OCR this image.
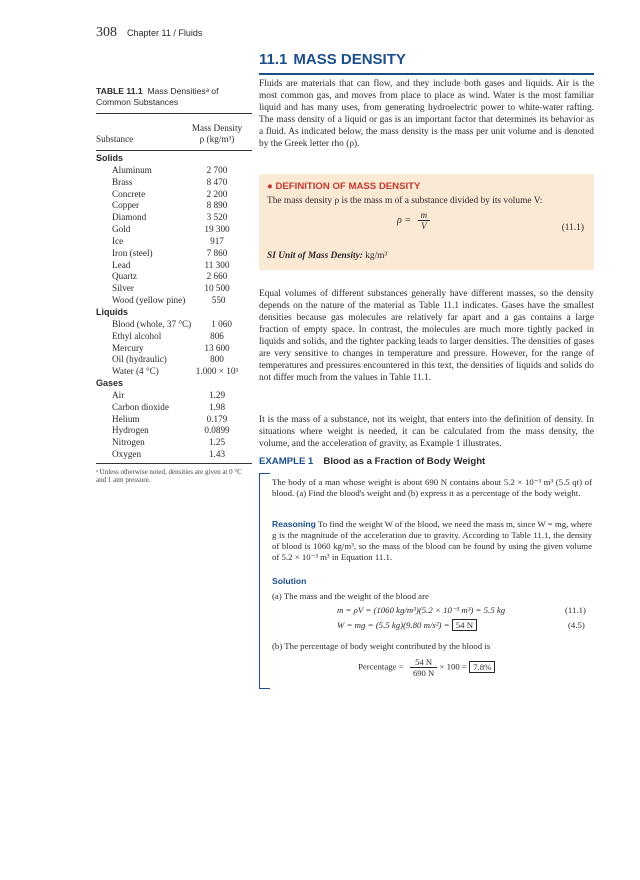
308 Chapter 11 / Fluids
11.1 MASS DENSITY
TABLE 11.1 Mass Densitiesᵃ of Common Substances
Substance
Mass Density
ρ (kg/m³)
Solids
Aluminum	2 700
Brass	8 470
Concrete	2 200
Copper	8 890
Diamond	3 520
Gold	19 300
Ice	917
Iron (steel)	7 860
Lead	11 300
Quartz	2 660
Silver	10 500
Wood (yellow pine)	550
Liquids
Blood (whole, 37 °C)	1 060
Ethyl alcohol	806
Mercury	13 600
Oil (hydraulic)	800
Water (4 °C)	1.000 × 10³
Gases
Air	1.29
Carbon dioxide	1.98
Helium	0.179
Hydrogen	0.0899
Nitrogen	1.25
Oxygen	1.43
ᵃ Unless otherwise noted, densities are given at 0 °C and 1 atm pressure.
Fluids are materials that can flow, and they include both gases and liquids. Air is the most common gas, and moves from place to place as wind. Water is the most familiar liquid and has many uses, from generating hydroelectric power to white-water rafting. The mass density of a liquid or gas is an important factor that determines its behavior as a fluid. As indicated below, the mass density is the mass per unit volume and is denoted by the Greek letter rho (ρ).
● DEFINITION OF MASS DENSITY
The mass density ρ is the mass m of a substance divided by its volume V:
$\rho = \frac{m}{V}$	(11.1)
SI Unit of Mass Density: kg/m³
Equal volumes of different substances generally have different masses, so the density depends on the nature of the material as Table 11.1 indicates. Gases have the smallest densities because gas molecules are relatively far apart and a gas contains a large fraction of empty space. In contrast, the molecules are much more tightly packed in liquids and solids, and the tighter packing leads to larger densities. The densities of gases are very sensitive to changes in temperature and pressure. However, for the range of temperatures and pressures encountered in this text, the densities of liquids and solids do not differ much from the values in Table 11.1.
It is the mass of a substance, not its weight, that enters into the definition of density. In situations where weight is needed, it can be calculated from the mass density, the volume, and the acceleration of gravity, as Example 1 illustrates.
EXAMPLE 1 Blood as a Fraction of Body Weight
The body of a man whose weight is about 690 N contains about 5.2 × 10⁻³ m³ (5.5 qt) of blood. (a) Find the blood's weight and (b) express it as a percentage of the body weight.
Reasoning To find the weight W of the blood, we need the mass m, since W = mg, where g is the magnitude of the acceleration due to gravity. According to Table 11.1, the density of blood is 1060 kg/m³, so the mass of the blood can be found by using the given volume of 5.2 × 10⁻³ m³ in Equation 11.1.
Solution
(a) The mass and the weight of the blood are
m = ρV = (1060 kg/m³)(5.2 × 10⁻³ m³) = 5.5 kg	(11.1)
W = mg = (5.5 kg)(9.80 m/s²) = 54 N	(4.5)
(b) The percentage of body weight contributed by the blood is
Percentage = $\frac{54 N}{690 N} \times 100 = 7.8\%$
